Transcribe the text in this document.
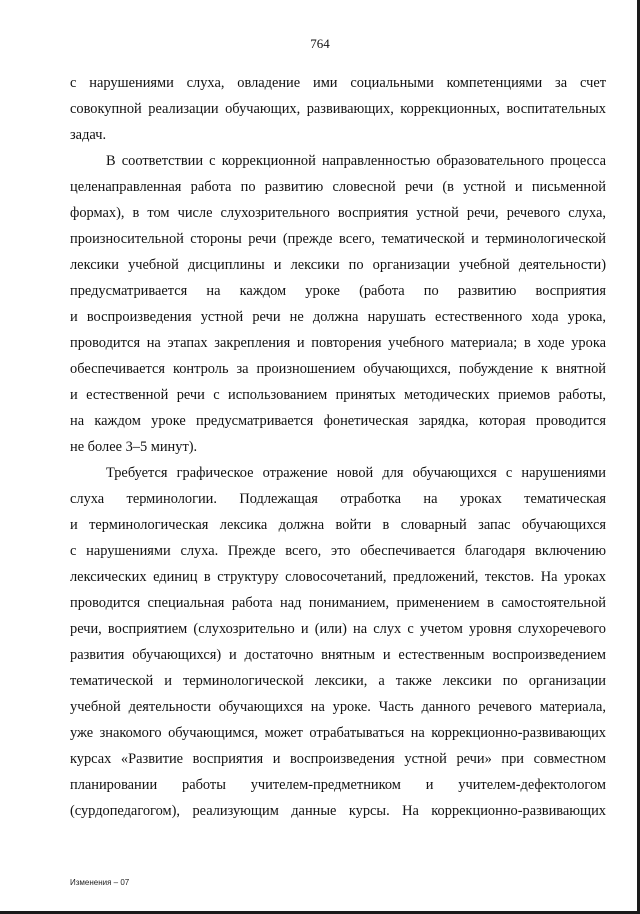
764
с нарушениями слуха, овладение ими социальными компетенциями за счет
совокупной реализации обучающих, развивающих, коррекционных, воспитательных
задач.
В соответствии с коррекционной направленностью образовательного процесса
целенаправленная работа по развитию словесной речи (в устной и письменной
формах), в том числе слухозрительного восприятия устной речи, речевого слуха,
произносительной стороны речи (прежде всего, тематической и терминологической
лексики учебной дисциплины и лексики по организации учебной деятельности)
предусматривается на каждом уроке (работа по развитию восприятия
и воспроизведения устной речи не должна нарушать естественного хода урока,
проводится на этапах закрепления и повторения учебного материала; в ходе урока
обеспечивается контроль за произношением обучающихся, побуждение к внятной
и естественной речи с использованием принятых методических приемов работы,
на каждом уроке предусматривается фонетическая зарядка, которая проводится
не более 3–5 минут).
Требуется графическое отражение новой для обучающихся с нарушениями
слуха терминологии. Подлежащая отработка на уроках тематическая
и терминологическая лексика должна войти в словарный запас обучающихся
с нарушениями слуха. Прежде всего, это обеспечивается благодаря включению
лексических единиц в структуру словосочетаний, предложений, текстов. На уроках
проводится специальная работа над пониманием, применением в самостоятельной
речи, восприятием (слухозрительно и (или) на слух с учетом уровня слухоречевого
развития обучающихся) и достаточно внятным и естественным воспроизведением
тематической и терминологической лексики, а также лексики по организации
учебной деятельности обучающихся на уроке. Часть данного речевого материала,
уже знакомого обучающимся, может отрабатываться на коррекционно-развивающих
курсах «Развитие восприятия и воспроизведения устной речи» при совместном
планировании работы учителем-предметником и учителем-дефектологом
(сурдопедагогом), реализующим данные курсы. На коррекционно-развивающих
Изменения – 07
